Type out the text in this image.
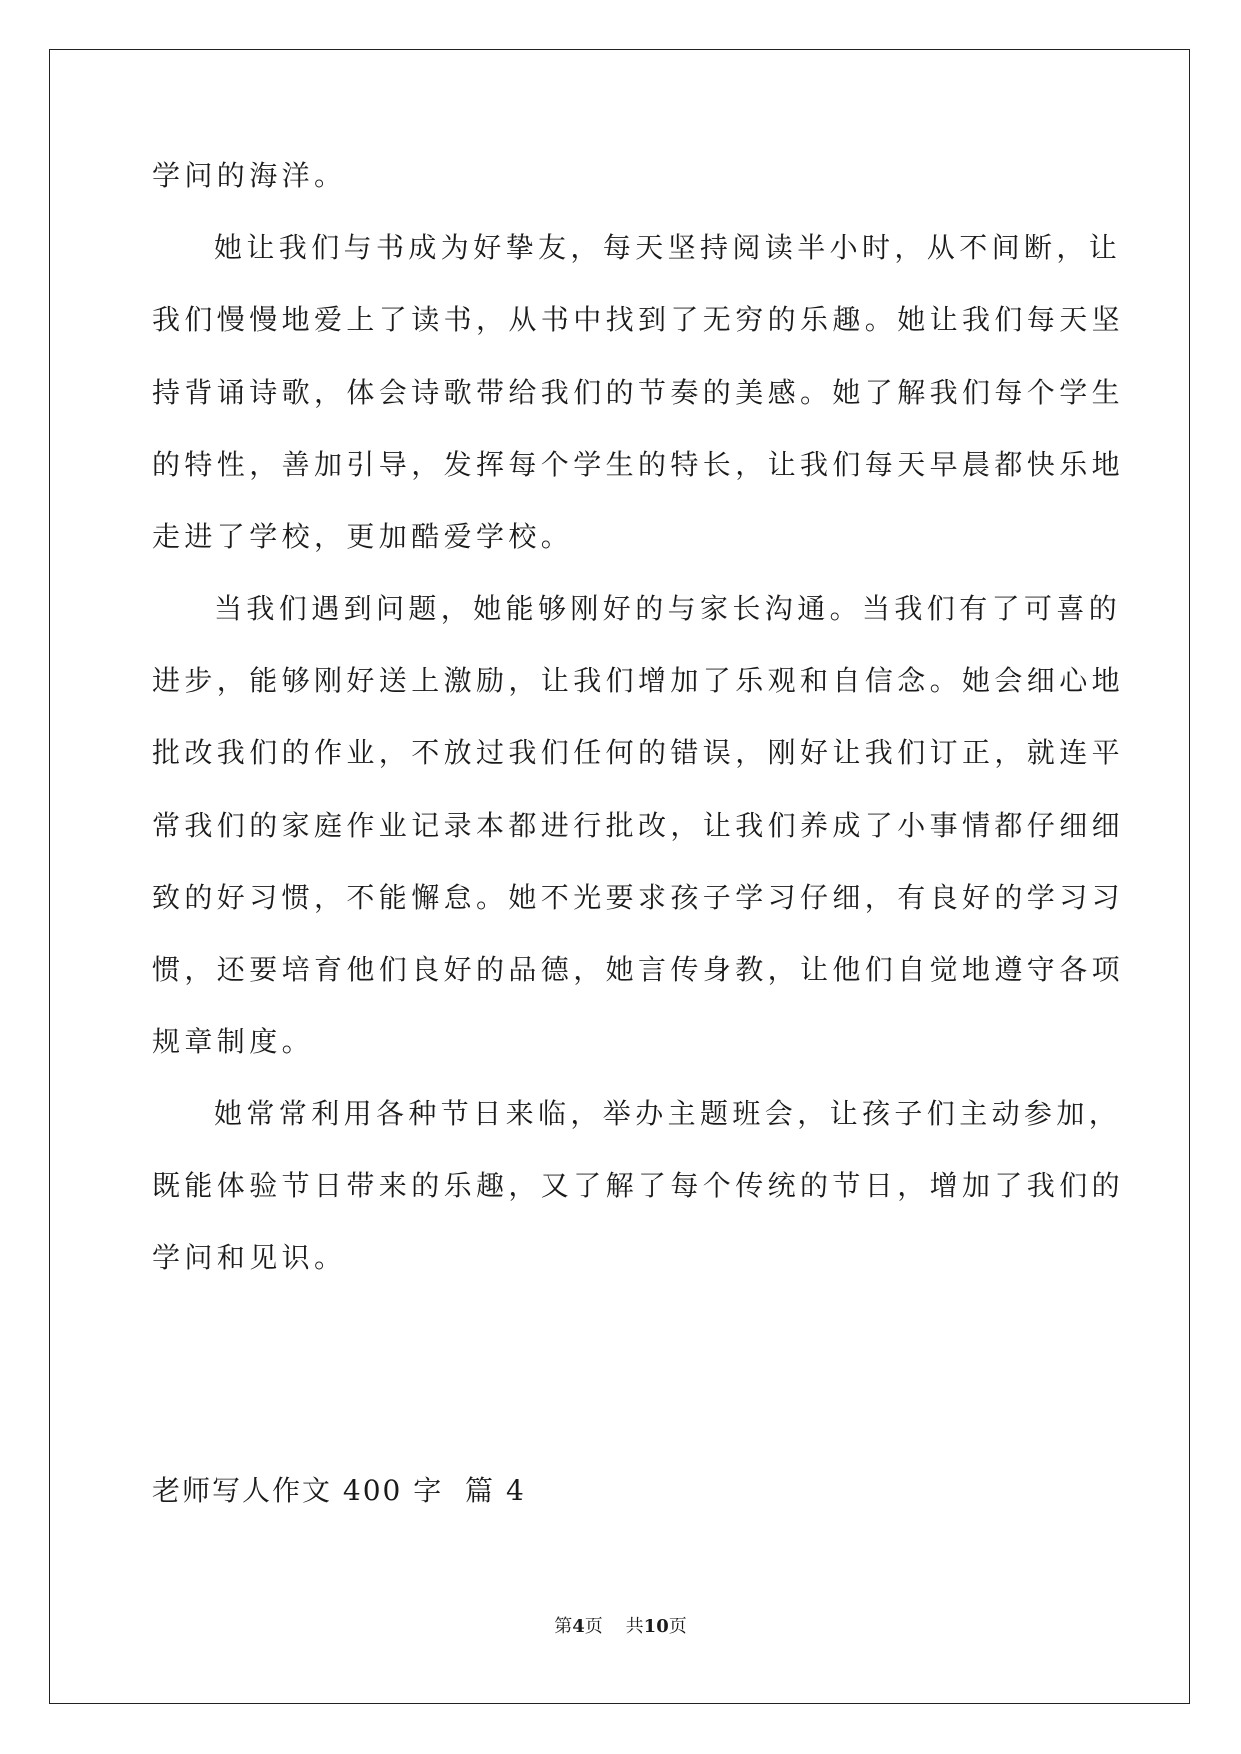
学问的海洋。
她让我们与书成为好挚友，每天坚持阅读半小时，从不间断，让
我们慢慢地爱上了读书，从书中找到了无穷的乐趣。她让我们每天坚
持背诵诗歌，体会诗歌带给我们的节奏的美感。她了解我们每个学生
的特性，善加引导，发挥每个学生的特长，让我们每天早晨都快乐地
走进了学校，更加酷爱学校。
当我们遇到问题，她能够刚好的与家长沟通。当我们有了可喜的
进步，能够刚好送上激励，让我们增加了乐观和自信念。她会细心地
批改我们的作业，不放过我们任何的错误，刚好让我们订正，就连平
常我们的家庭作业记录本都进行批改，让我们养成了小事情都仔细细
致的好习惯，不能懈怠。她不光要求孩子学习仔细，有良好的学习习
惯，还要培育他们良好的品德，她言传身教，让他们自觉地遵守各项
规章制度。
她常常利用各种节日来临，举办主题班会，让孩子们主动参加，
既能体验节日带来的乐趣，又了解了每个传统的节日，增加了我们的
学问和见识。
老师写人作文 400 字  篇 4
第4页 共10页
